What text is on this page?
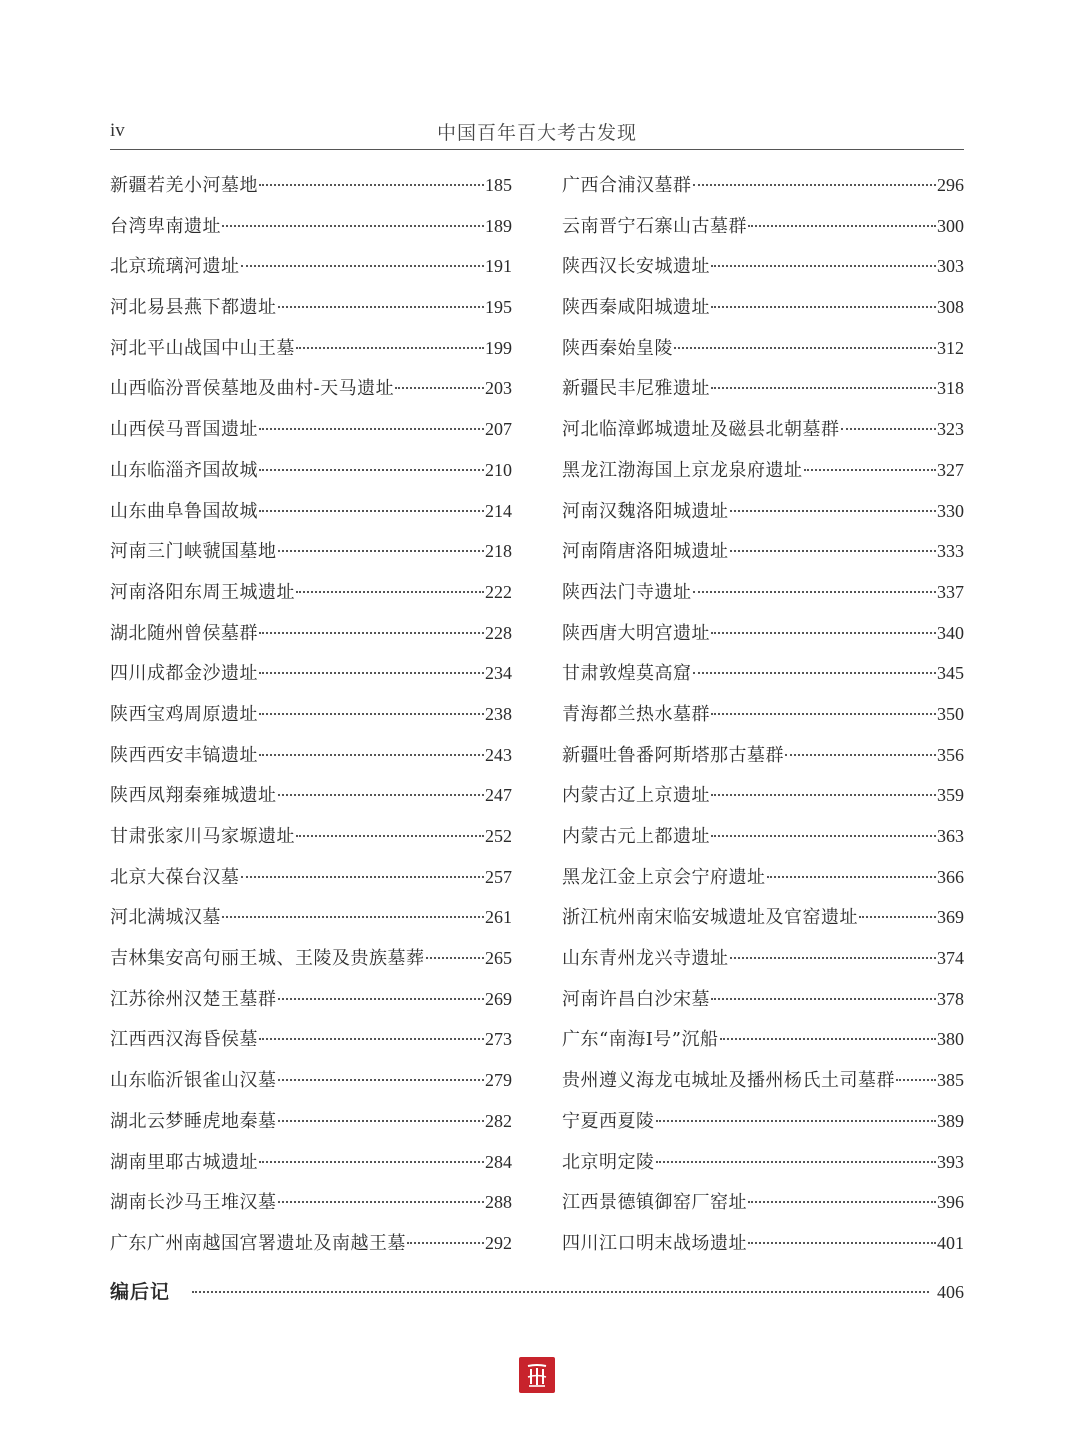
iv	中国百年百大考古发现
新疆若羌小河墓地	185
台湾卑南遗址	189
北京琉璃河遗址	191
河北易县燕下都遗址	195
河北平山战国中山王墓	199
山西临汾晋侯墓地及曲村-天马遗址	203
山西侯马晋国遗址	207
山东临淄齐国故城	210
山东曲阜鲁国故城	214
河南三门峡虢国墓地	218
河南洛阳东周王城遗址	222
湖北随州曾侯墓群	228
四川成都金沙遗址	234
陕西宝鸡周原遗址	238
陕西西安丰镐遗址	243
陕西凤翔秦雍城遗址	247
甘肃张家川马家塬遗址	252
北京大葆台汉墓	257
河北满城汉墓	261
吉林集安高句丽王城、王陵及贵族墓葬	265
江苏徐州汉楚王墓群	269
江西西汉海昏侯墓	273
山东临沂银雀山汉墓	279
湖北云梦睡虎地秦墓	282
湖南里耶古城遗址	284
湖南长沙马王堆汉墓	288
广东广州南越国宫署遗址及南越王墓	292
广西合浦汉墓群	296
云南晋宁石寨山古墓群	300
陕西汉长安城遗址	303
陕西秦咸阳城遗址	308
陕西秦始皇陵	312
新疆民丰尼雅遗址	318
河北临漳邺城遗址及磁县北朝墓群	323
黑龙江渤海国上京龙泉府遗址	327
河南汉魏洛阳城遗址	330
河南隋唐洛阳城遗址	333
陕西法门寺遗址	337
陕西唐大明宫遗址	340
甘肃敦煌莫高窟	345
青海都兰热水墓群	350
新疆吐鲁番阿斯塔那古墓群	356
内蒙古辽上京遗址	359
内蒙古元上都遗址	363
黑龙江金上京会宁府遗址	366
浙江杭州南宋临安城遗址及官窑遗址	369
山东青州龙兴寺遗址	374
河南许昌白沙宋墓	378
广东“南海Ⅰ号”沉船	380
贵州遵义海龙屯城址及播州杨氏土司墓群 385
宁夏西夏陵	389
北京明定陵	393
江西景德镇御窑厂窑址	396
四川江口明末战场遗址	401
编后记	406
